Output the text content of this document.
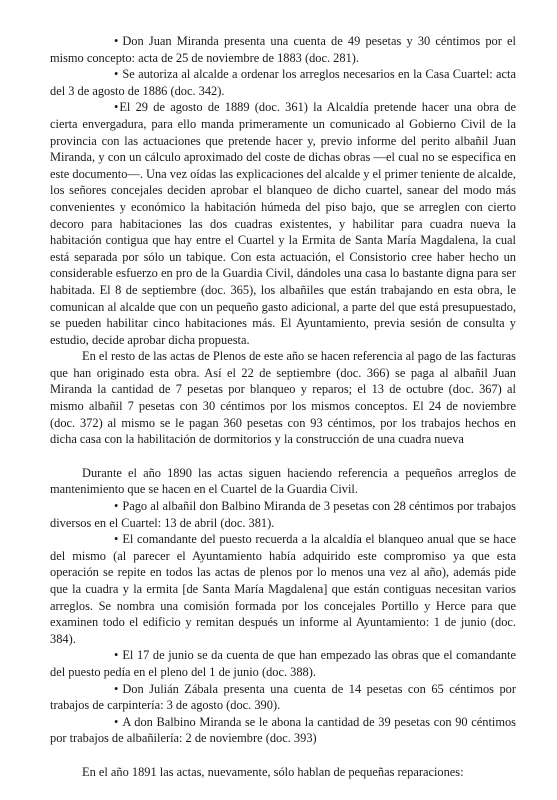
• Don Juan Miranda presenta una cuenta de 49 pesetas y 30 céntimos por el mismo concepto: acta de 25 de noviembre de 1883 (doc. 281).

• Se autoriza al alcalde a ordenar los arreglos necesarios en la Casa Cuartel: acta del 3 de agosto de 1886 (doc. 342).

•El 29 de agosto de 1889 (doc. 361) la Alcaldía pretende hacer una obra de cierta envergadura, para ello manda primeramente un comunicado al Gobierno Civil de la provincia con las actuaciones que pretende hacer y, previo informe del perito albañil Juan Miranda, y con un cálculo aproximado del coste de dichas obras —el cual no se especifica en este documento—. Una vez oídas las explicaciones del alcalde y el primer teniente de alcalde, los señores concejales deciden aprobar el blanqueo de dicho cuartel, sanear del modo más convenientes y económico la habitación húmeda del piso bajo, que se arreglen con cierto decoro para habitaciones las dos cuadras existentes, y habilitar para cuadra nueva la habitación contigua que hay entre el Cuartel y la Ermita de Santa María Magdalena, la cual está separada por sólo un tabique. Con esta actuación, el Consistorio cree haber hecho un considerable esfuerzo en pro de la Guardia Civil, dándoles una casa lo bastante digna para ser habitada. El 8 de septiembre (doc. 365), los albañiles que están trabajando en esta obra, le comunican al alcalde que con un pequeño gasto adicional, a parte del que está presupuestado, se pueden habilitar cinco habitaciones más. El Ayuntamiento, previa sesión de consulta y estudio, decide aprobar dicha propuesta.

En el resto de las actas de Plenos de este año se hacen referencia al pago de las facturas que han originado esta obra. Así el 22 de septiembre (doc. 366) se paga al albañil Juan Miranda la cantidad de 7 pesetas por blanqueo y reparos; el 13 de octubre (doc. 367) al mismo albañil 7 pesetas con 30 céntimos por los mismos conceptos. El 24 de noviembre (doc. 372) al mismo se le pagan 360 pesetas con 93 céntimos, por los trabajos hechos en dicha casa con la habilitación de dormitorios y la construcción de una cuadra nueva

Durante el año 1890 las actas siguen haciendo referencia a pequeños arreglos de mantenimiento que se hacen en el Cuartel de la Guardia Civil.

• Pago al albañil don Balbino Miranda de 3 pesetas con 28 céntimos por trabajos diversos en el Cuartel: 13 de abril (doc. 381).

• El comandante del puesto recuerda a la alcaldía el blanqueo anual que se hace del mismo (al parecer el Ayuntamiento había adquirido este compromiso ya que esta operación se repite en todos las actas de plenos por lo menos una vez al año), además pide que la cuadra y la ermita [de Santa María Magdalena] que están contiguas necesitan varios arreglos. Se nombra una comisión formada por los concejales Portillo y Herce para que examinen todo el edificio y remitan después un informe al Ayuntamiento: 1 de junio (doc. 384).

• El 17 de junio se da cuenta de que han empezado las obras que el comandante del puesto pedía en el pleno del 1 de junio (doc. 388).

• Don Julián Zábala presenta una cuenta de 14 pesetas con 65 céntimos por trabajos de carpintería: 3 de agosto (doc. 390).

• A don Balbino Miranda se le abona la cantidad de 39 pesetas con 90 céntimos por trabajos de albañilería: 2 de noviembre (doc. 393)

En el año 1891 las actas, nuevamente, sólo hablan de pequeñas reparaciones:
